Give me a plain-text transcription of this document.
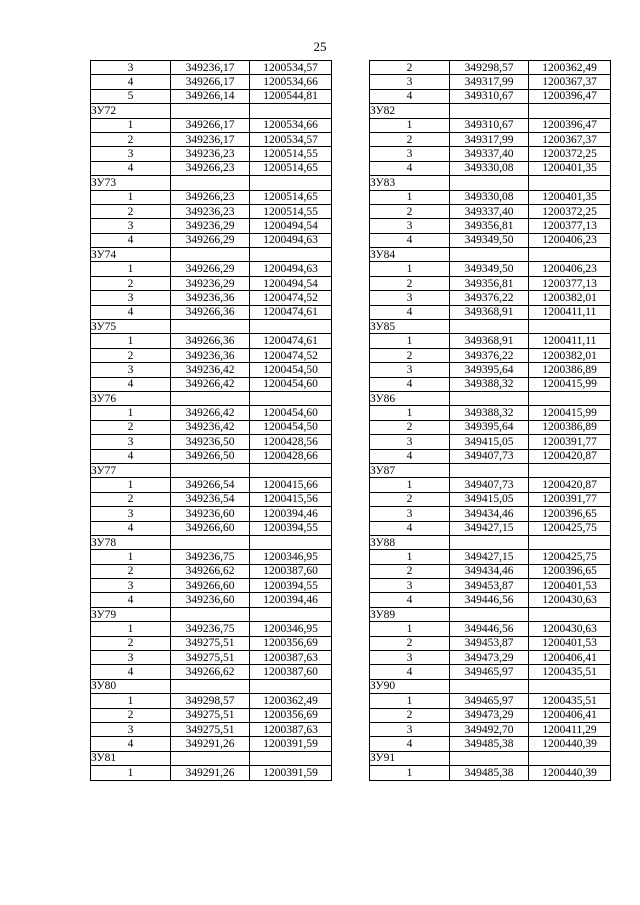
25
3	349236,17	1200534,57
4	349266,17	1200534,66
5	349266,14	1200544,81
ЗУ72		
1	349266,17	1200534,66
2	349236,17	1200534,57
3	349236,23	1200514,55
4	349266,23	1200514,65
ЗУ73		
1	349266,23	1200514,65
2	349236,23	1200514,55
3	349236,29	1200494,54
4	349266,29	1200494,63
ЗУ74		
1	349266,29	1200494,63
2	349236,29	1200494,54
3	349236,36	1200474,52
4	349266,36	1200474,61
ЗУ75		
1	349266,36	1200474,61
2	349236,36	1200474,52
3	349236,42	1200454,50
4	349266,42	1200454,60
ЗУ76		
1	349266,42	1200454,60
2	349236,42	1200454,50
3	349236,50	1200428,56
4	349266,50	1200428,66
ЗУ77		
1	349266,54	1200415,66
2	349236,54	1200415,56
3	349236,60	1200394,46
4	349266,60	1200394,55
ЗУ78		
1	349236,75	1200346,95
2	349266,62	1200387,60
3	349266,60	1200394,55
4	349236,60	1200394,46
ЗУ79		
1	349236,75	1200346,95
2	349275,51	1200356,69
3	349275,51	1200387,63
4	349266,62	1200387,60
ЗУ80		
1	349298,57	1200362,49
2	349275,51	1200356,69
3	349275,51	1200387,63
4	349291,26	1200391,59
ЗУ81		
1	349291,26	1200391,59
2	349298,57	1200362,49
3	349317,99	1200367,37
4	349310,67	1200396,47
ЗУ82		
1	349310,67	1200396,47
2	349317,99	1200367,37
3	349337,40	1200372,25
4	349330,08	1200401,35
ЗУ83		
1	349330,08	1200401,35
2	349337,40	1200372,25
3	349356,81	1200377,13
4	349349,50	1200406,23
ЗУ84		
1	349349,50	1200406,23
2	349356,81	1200377,13
3	349376,22	1200382,01
4	349368,91	1200411,11
ЗУ85		
1	349368,91	1200411,11
2	349376,22	1200382,01
3	349395,64	1200386,89
4	349388,32	1200415,99
ЗУ86		
1	349388,32	1200415,99
2	349395,64	1200386,89
3	349415,05	1200391,77
4	349407,73	1200420,87
ЗУ87		
1	349407,73	1200420,87
2	349415,05	1200391,77
3	349434,46	1200396,65
4	349427,15	1200425,75
ЗУ88		
1	349427,15	1200425,75
2	349434,46	1200396,65
3	349453,87	1200401,53
4	349446,56	1200430,63
ЗУ89		
1	349446,56	1200430,63
2	349453,87	1200401,53
3	349473,29	1200406,41
4	349465,97	1200435,51
ЗУ90		
1	349465,97	1200435,51
2	349473,29	1200406,41
3	349492,70	1200411,29
4	349485,38	1200440,39
ЗУ91		
1	349485,38	1200440,39
